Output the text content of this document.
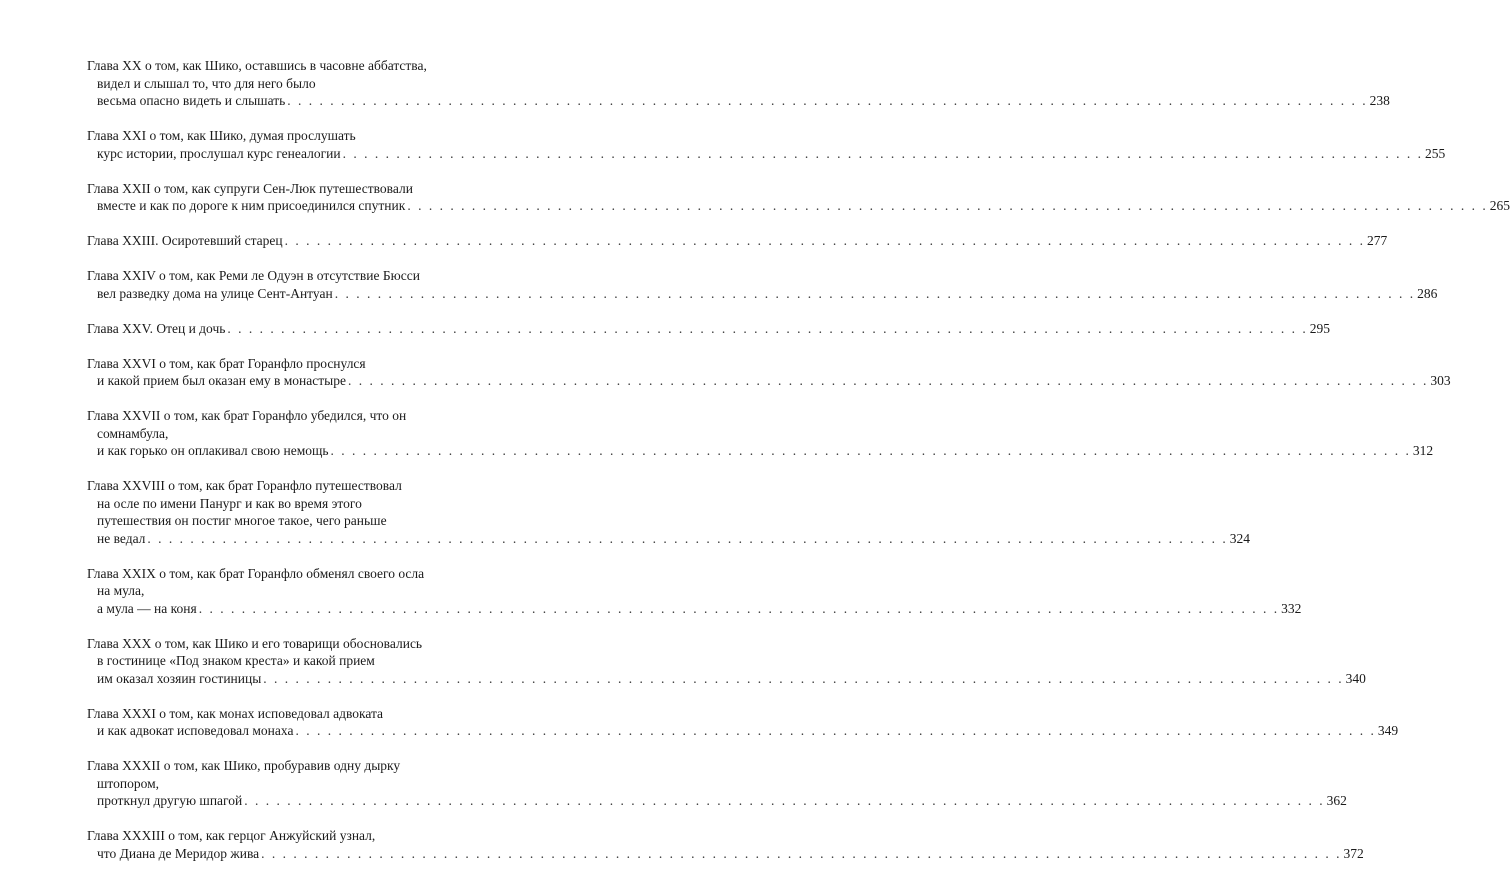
Глава XX о том, как Шико, оставшись в часовне аббатства,
видел и слышал то, что для него было
весьма опасно видеть и слышать . . .	238
Глава XXI о том, как Шико, думая прослушать
курс истории, прослушал курс генеалогии . . .	255
Глава XXII о том, как супруги Сен-Люк путешествовали
вместе и как по дороге к ним присоединился спутник . . .	265
Глава XXIII. Осиротевший старец . . .	277
Глава XXIV о том, как Реми ле Одуэн в отсутствие Бюсси
вел разведку дома на улице Сент-Антуан . . .	286
Глава XXV. Отец и дочь . . .	295
Глава XXVI о том, как брат Горанфло проснулся
и какой прием был оказан ему в монастыре . . .	303
Глава XXVII о том, как брат Горанфло убедился, что он
сомнамбула,
и как горько он оплакивал свою немощь . . .	312
Глава XXVIII о том, как брат Горанфло путешествовал
на осле по имени Панург и как во время этого
путешествия он постиг многое такое, чего раньше
не ведал . . .	324
Глава XXIX о том, как брат Горанфло обменял своего осла
на мула,
а мула — на коня . . .	332
Глава XXX о том, как Шико и его товарищи обосновались
в гостинице «Под знаком креста» и какой прием
им оказал хозяин гостиницы . . .	340
Глава XXXI о том, как монах исповедовал адвоката
и как адвокат исповедовал монаха . . .	349
Глава XXXII о том, как Шико, пробуравив одну дырку
штопором,
проткнул другую шпагой . . .	362
Глава XXXIII о том, как герцог Анжуйский узнал,
что Диана де Меридор жива . . .	372
